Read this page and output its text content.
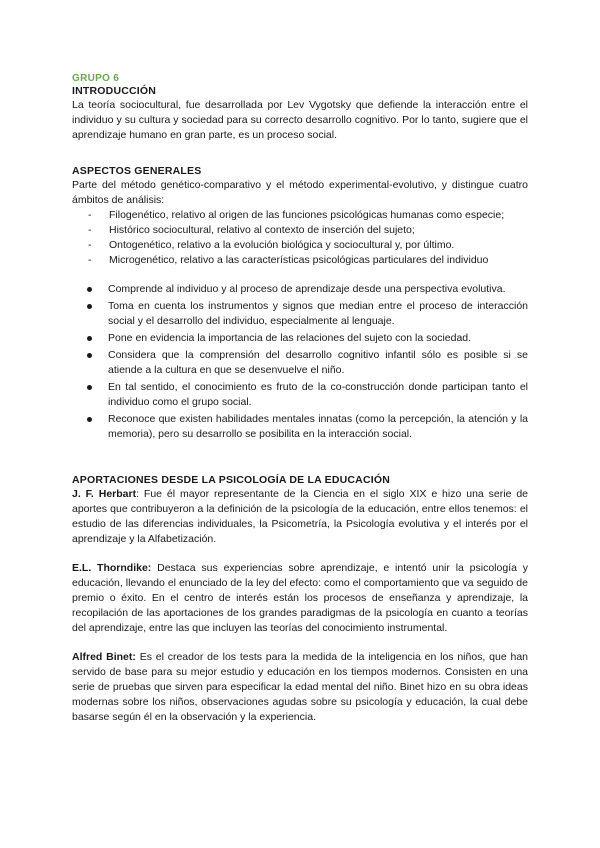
GRUPO 6
INTRODUCCIÓN

La teoría sociocultural, fue desarrollada por Lev Vygotsky que defiende la interacción entre el individuo y su cultura y sociedad para su correcto desarrollo cognitivo. Por lo tanto, sugiere que el aprendizaje humano en gran parte, es un proceso social.

ASPECTOS GENERALES

Parte del método genético-comparativo y el método experimental-evolutivo, y distingue cuatro ámbitos de análisis:

- Filogenético, relativo al origen de las funciones psicológicas humanas como especie;
- Histórico sociocultural, relativo al contexto de inserción del sujeto;
- Ontogenético, relativo a la evolución biológica y sociocultural y, por último.
- Microgenético, relativo a las características psicológicas particulares del individuo
Comprende al individuo y al proceso de aprendizaje desde una perspectiva evolutiva.
Toma en cuenta los instrumentos y signos que median entre el proceso de interacción social y el desarrollo del individuo, especialmente al lenguaje.
Pone en evidencia la importancia de las relaciones del sujeto con la sociedad.
Considera que la comprensión del desarrollo cognitivo infantil sólo es posible si se atiende a la cultura en que se desenvuelve el niño.
En tal sentido, el conocimiento es fruto de la co-construcción donde participan tanto el individuo como el grupo social.
Reconoce que existen habilidades mentales innatas (como la percepción, la atención y la memoria), pero su desarrollo se posibilita en la interacción social.
APORTACIONES DESDE LA PSICOLOGÍA DE LA EDUCACIÓN

J. F. Herbart: Fue él mayor representante de la Ciencia en el siglo XIX e hizo una serie de aportes que contribuyeron a la definición de la psicología de la educación, entre ellos tenemos: el estudio de las diferencias individuales, la Psicometría, la Psicología evolutiva y el interés por el aprendizaje y la Alfabetización.

E.L. Thorndike: Destaca sus experiencias sobre aprendizaje, e intentó unir la psicología y educación, llevando el enunciado de la ley del efecto: como el comportamiento que va seguido de premio o éxito. En el centro de interés están los procesos de enseñanza y aprendizaje, la recopilación de las aportaciones de los grandes paradigmas de la psicología en cuanto a teorías del aprendizaje, entre las que incluyen las teorías del conocimiento instrumental.

Alfred Binet: Es el creador de los tests para la medida de la inteligencia en los niños, que han servido de base para su mejor estudio y educación en los tiempos modernos. Consisten en una serie de pruebas que sirven para especificar la edad mental del niño. Binet hizo en su obra ideas modernas sobre los niños, observaciones agudas sobre su psicología y educación, la cual debe basarse según él en la observación y la experiencia.
